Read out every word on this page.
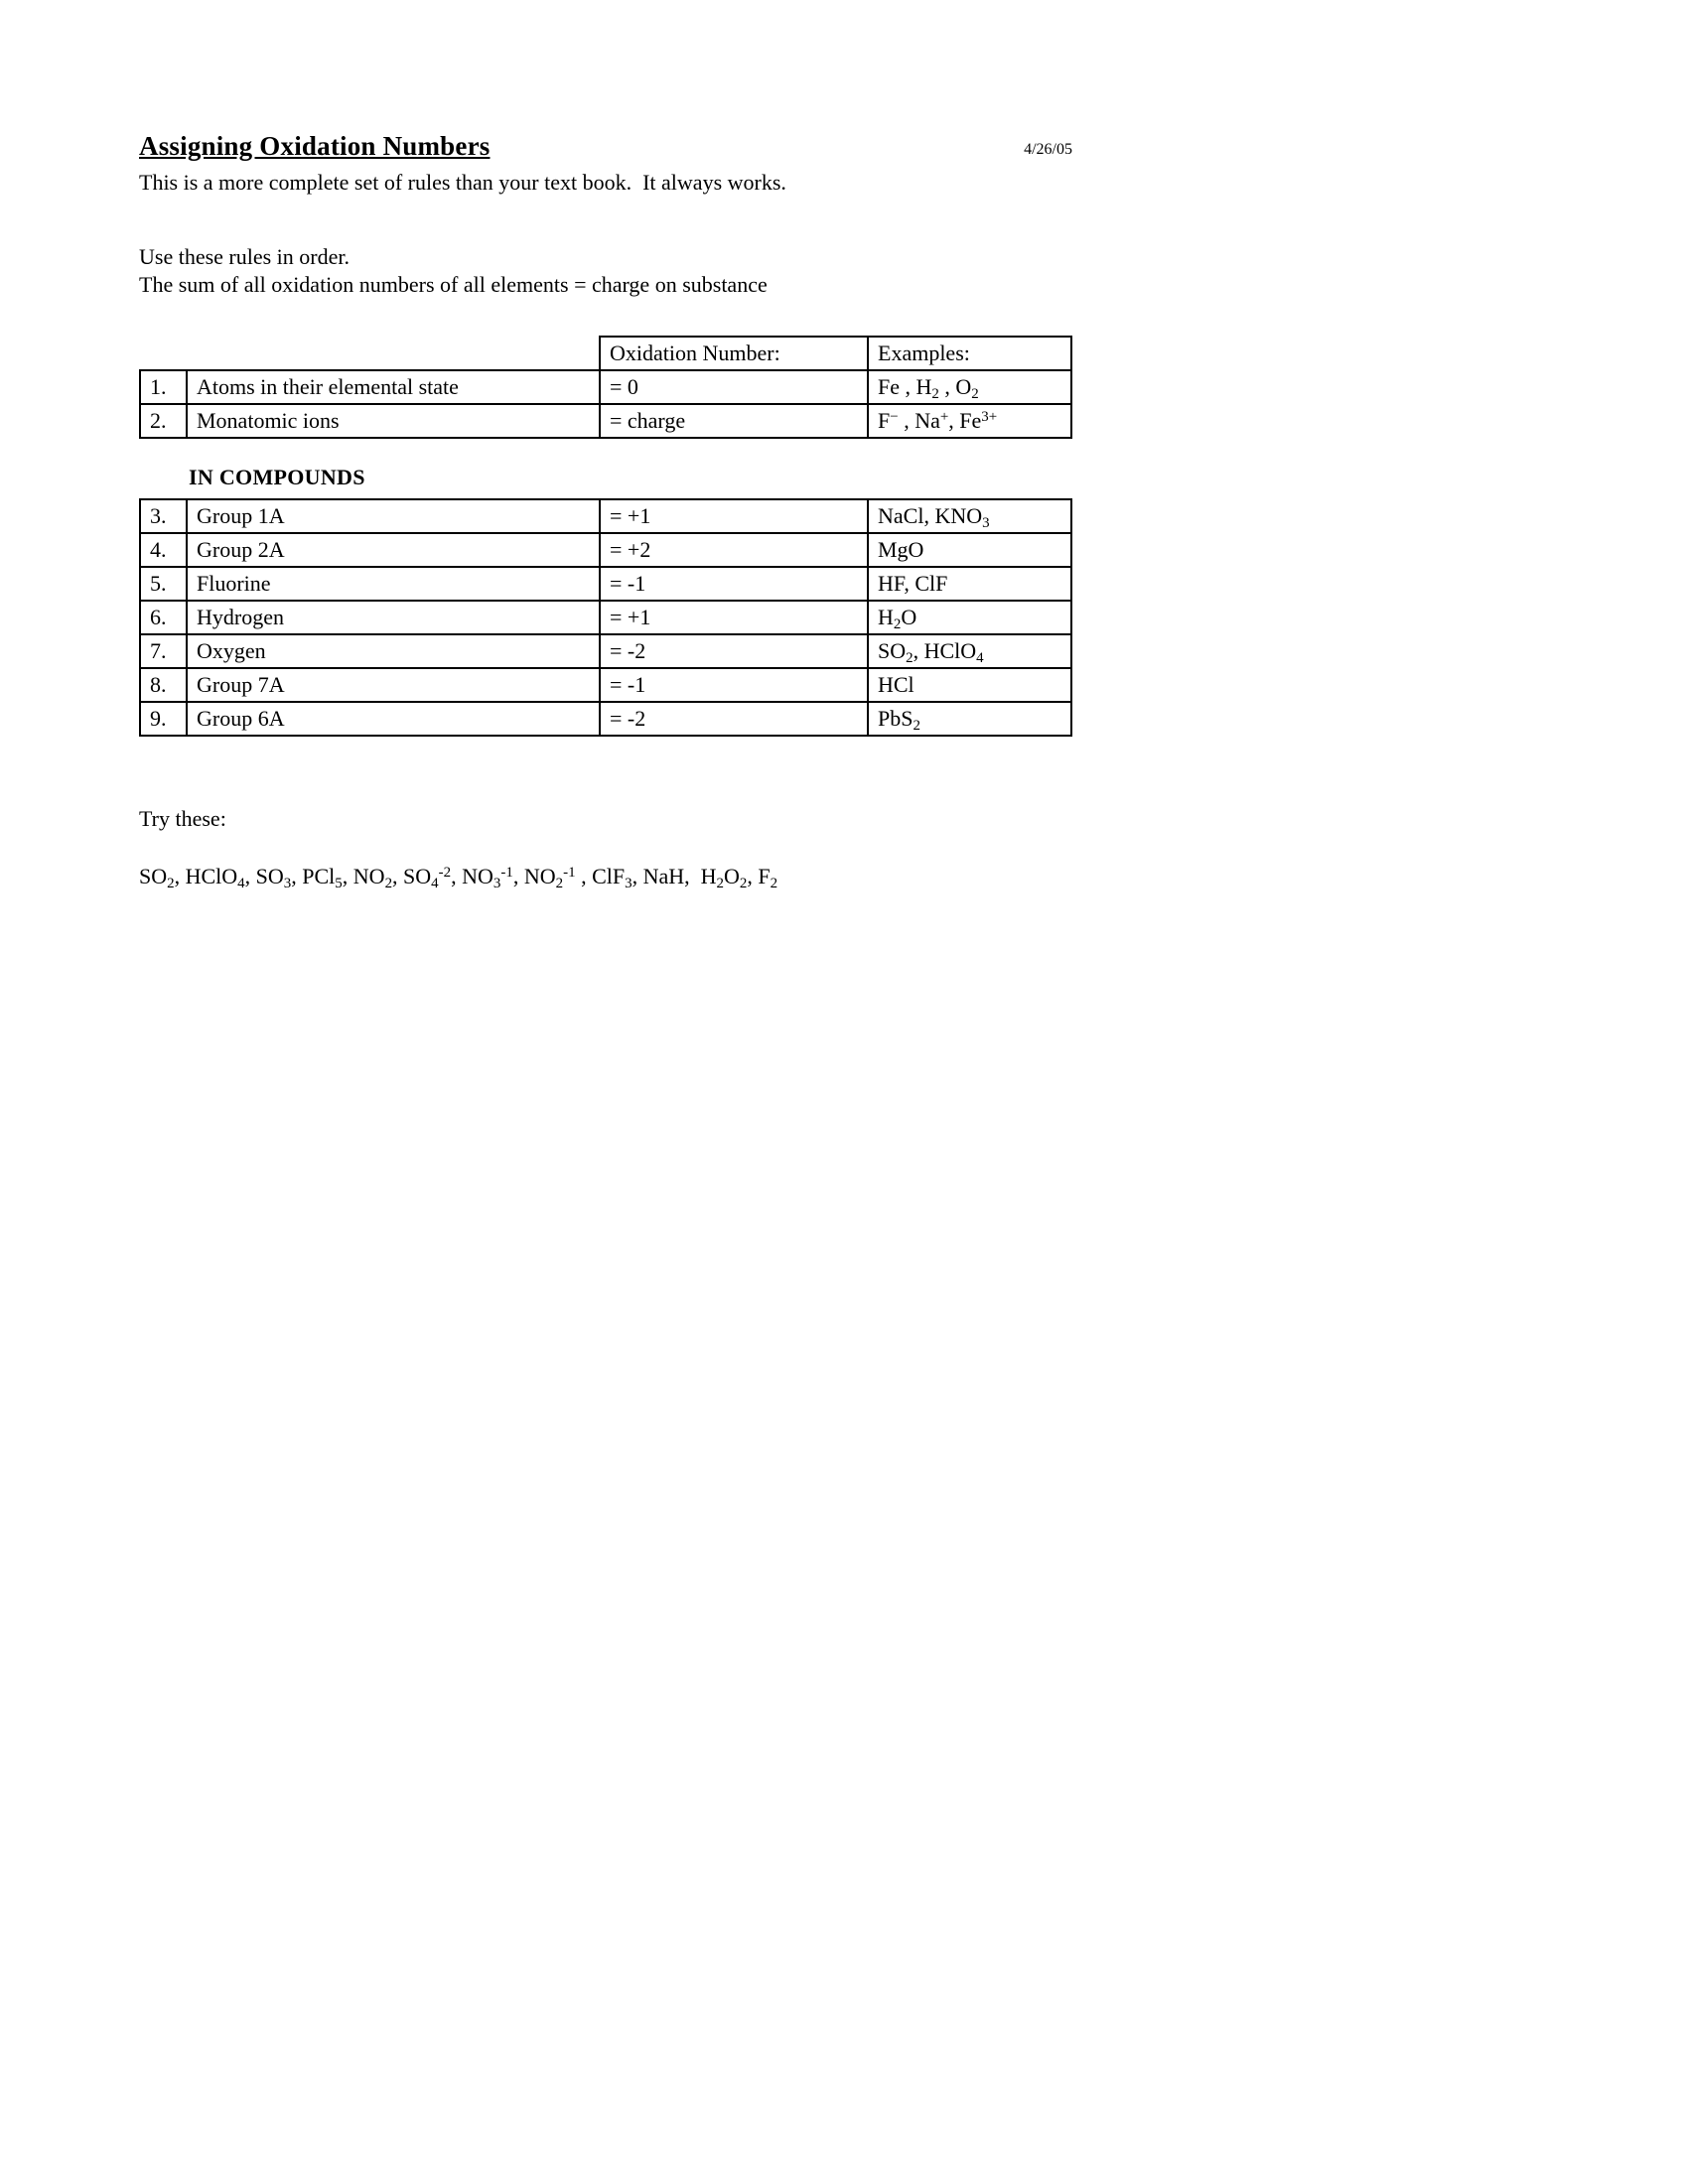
Assigning Oxidation Numbers	4/26/05

This is a more complete set of rules than your text book.  It always works.

Use these rules in order.

The sum of all oxidation numbers of all elements = charge on substance

		Oxidation Number:	Examples:
1.	Atoms in their elemental state	= 0	Fe , $H_2$ , $O_2$
2.	Monatomic ions	= charge	F− , Na+, $Fe^{3+}$
IN COMPOUNDS
3.	Group 1A	= +1	NaCl, $KNO_3$
4.	Group 2A	= +2	MgO
5.	Fluorine	= -1	HF, ClF
6.	Hydrogen	= +1	$H_2O$
7.	Oxygen	= -2	$SO_2$, HClO$_4$
8.	Group 7A	= -1	HCl
9.	Group 6A	= -2	PbS$_2$

Try these:

$SO_2$, HClO$_4$, $SO_3$, PCl$_5$, $NO_2$, $SO_4^{-2}$, $NO_3^{-1}$, $NO_2^{-1}$ , ClF$_3$, NaH,  $H_2O_2$, $F_2$
